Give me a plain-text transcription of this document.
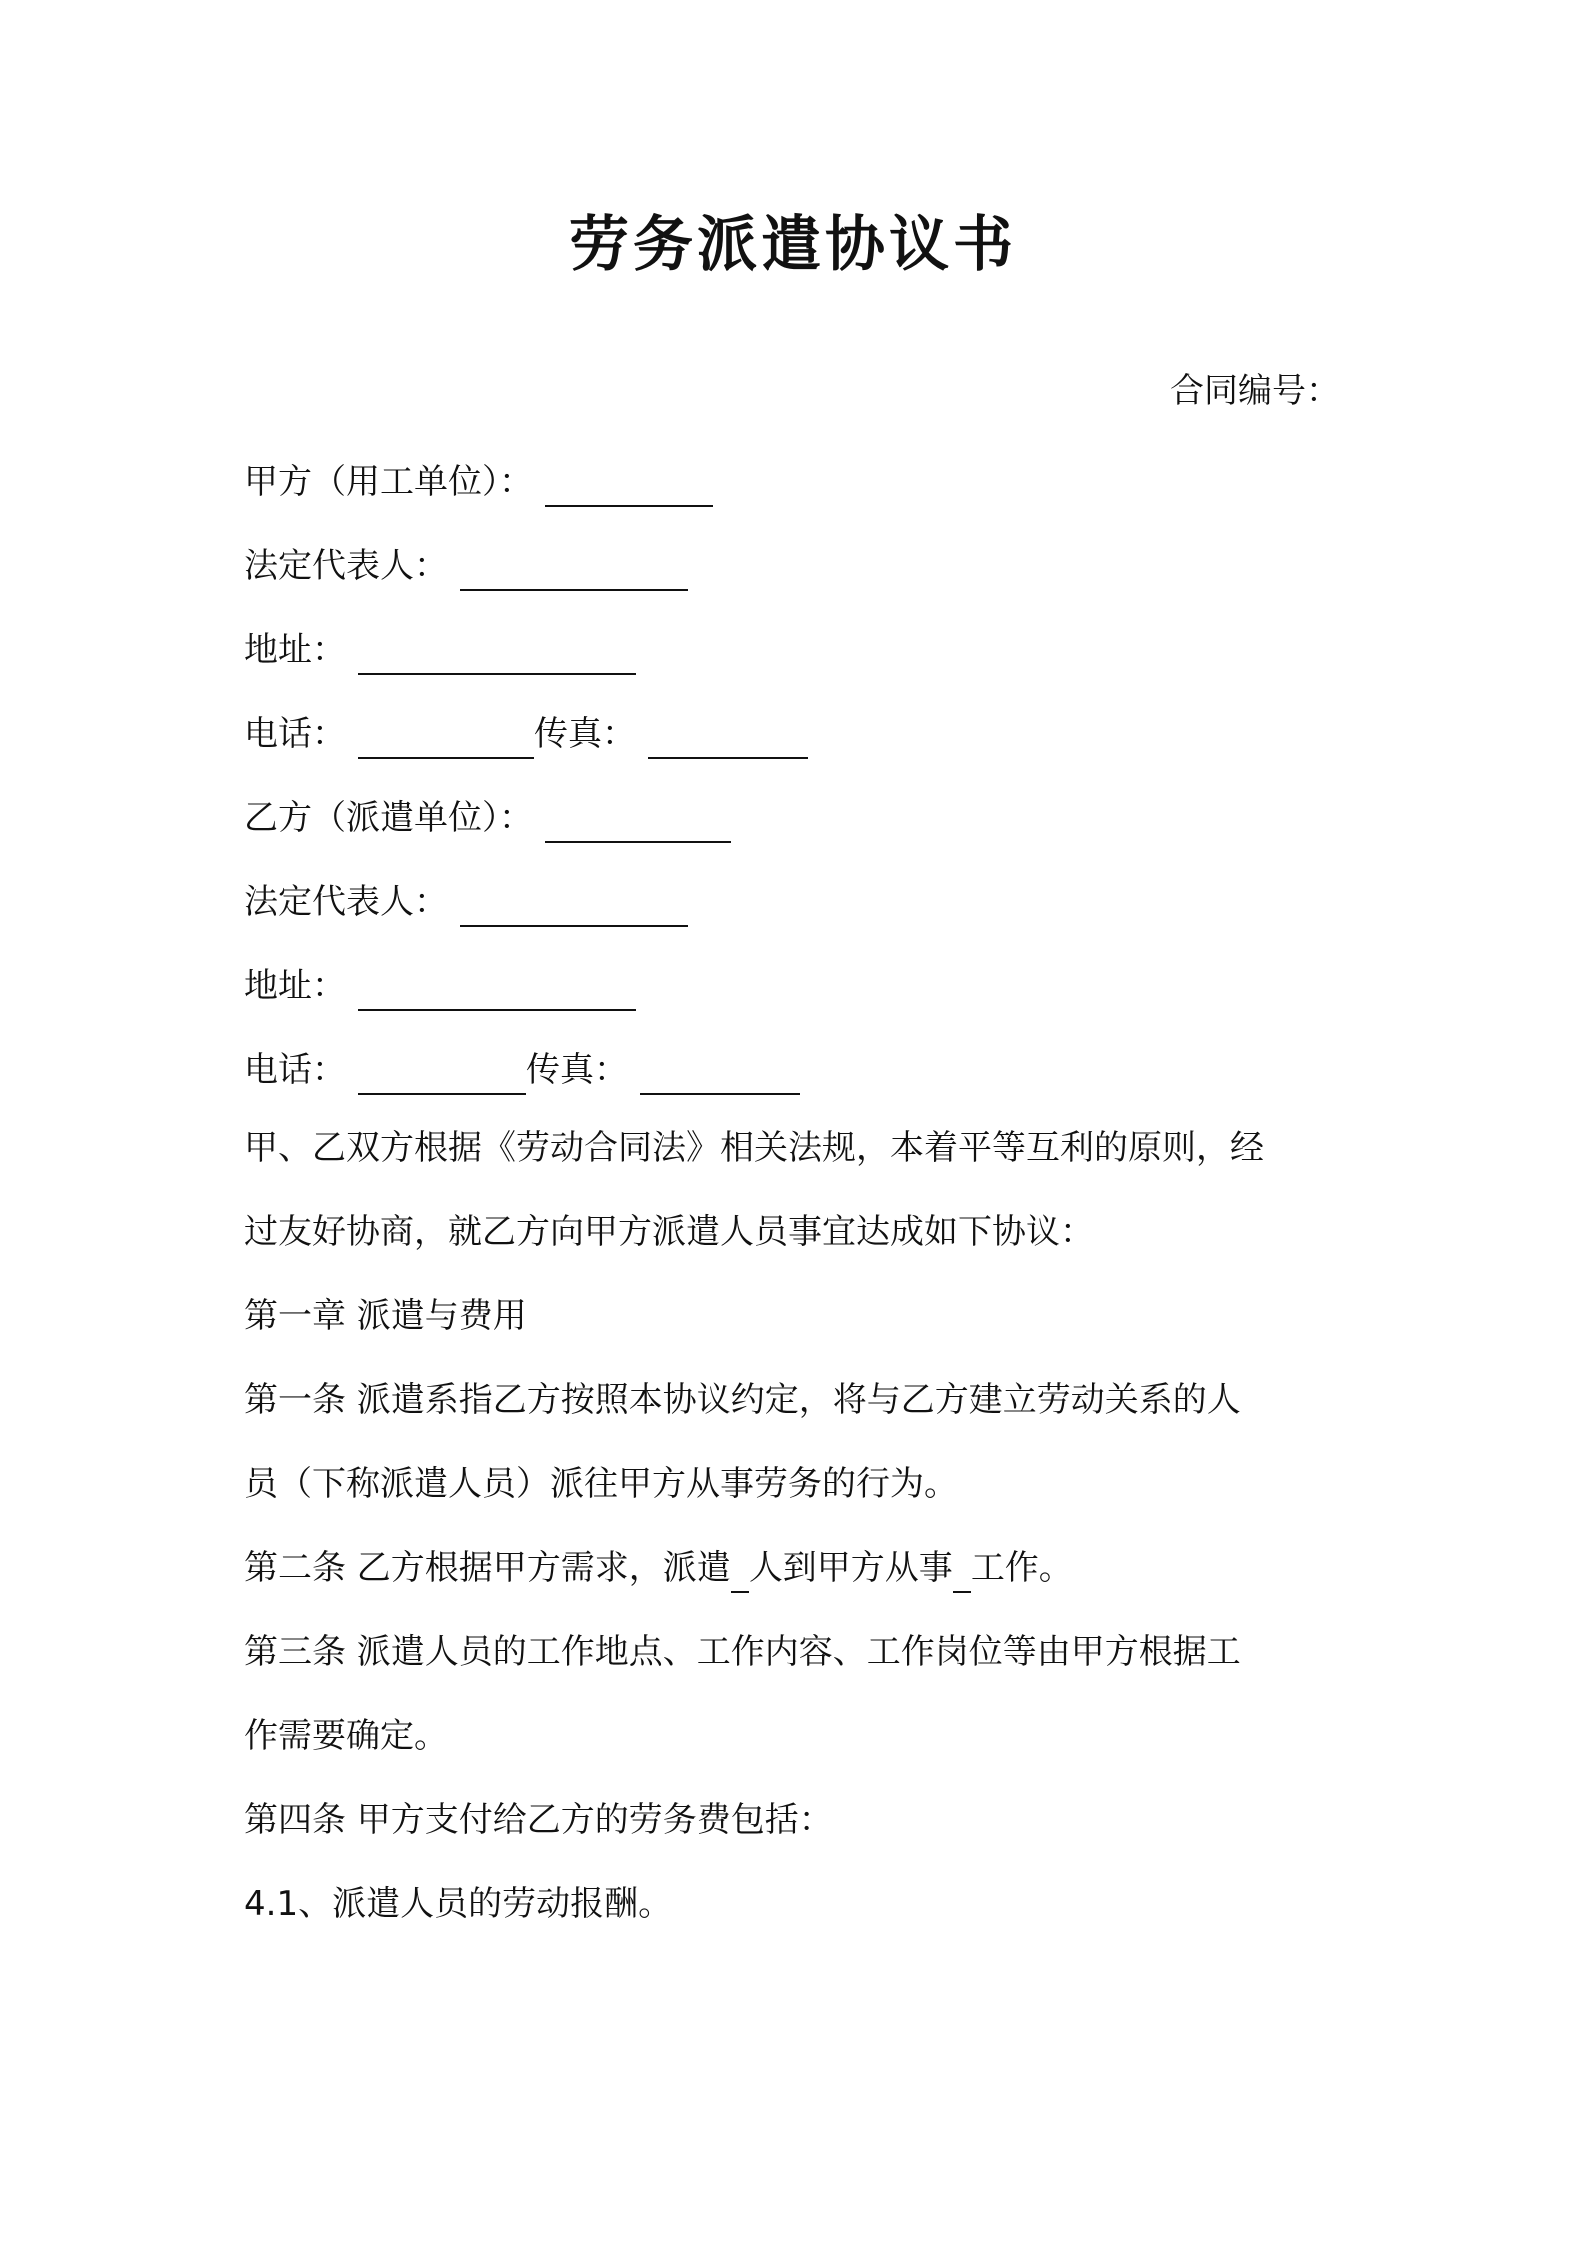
劳务派遣协议书
合同编号：
甲方（用工单位）：
法定代表人：
地址：
电话：	传真：
乙方（派遣单位）：
法定代表人：
地址：
电话：	传真：
甲、乙双方根据《劳动合同法》相关法规，本着平等互利的原则，经
过友好协商，就乙方向甲方派遣人员事宜达成如下协议：
第一章 派遣与费用
第一条 派遣系指乙方按照本协议约定，将与乙方建立劳动关系的人
员（下称派遣人员）派往甲方从事劳务的行为。
第二条 乙方根据甲方需求，派遣 人到甲方从事 工作。
第三条 派遣人员的工作地点、工作内容、工作岗位等由甲方根据工
作需要确定。
第四条 甲方支付给乙方的劳务费包括：
4.1、派遣人员的劳动报酬。
